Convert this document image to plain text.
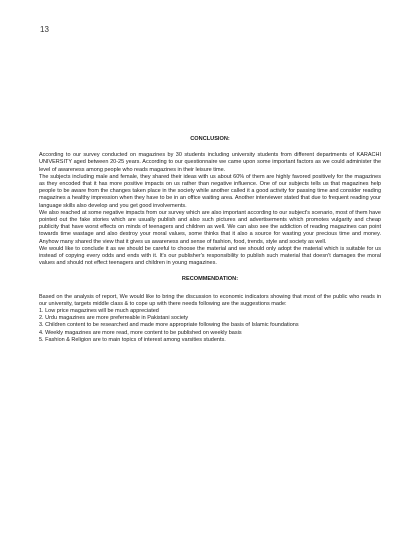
13
CONCLUSION:

According to our survey conducted on magazines by 30 students including university students from different departments of KARACHI UNIVERSITY aged between 20-25 years. According to our questionnaire we came upon some important factors as we could administer the level of awareness among people who reads magazines in their leisure time.

The subjects including male and female, they shared their ideas with us about 60% of them are highly favored positively for the magazines as they encoded that it has more positive impacts on us rather than negative influence. One of our subjects tells us that magazines help people to be aware from the changes taken place in the society while another called it a good activity for passing time and consider reading magazines a healthy impression when they have to be in an office waiting area. Another interviewer stated that due to frequent reading your language skills also develop and you get good involvements.

We also reached at some negative impacts from our survey which are also important according to our subject's scenario, most of them have pointed out the fake stories which are usually publish and also such pictures and advertisements which promotes vulgarity and cheap publicity that have worst effects on minds of teenagers and children as well. We can also see the addiction of reading magazines can point towards time wastage and also destroy your moral values, some thinks that it also a source for wasting your precious time and money. Anyhow many shared the view that it gives us awareness and sense of fashion, food, trends, style and society as well.

We would like to conclude it as we should be careful to choose the material and we should only adopt the material which is suitable for us instead of copying every odds and ends with it. It's our publisher's responsibility to publish such material that doesn't damages the moral values and should not effect teenagers and children in young magazines.

RECOMMENDATION:

Based on the analysis of report, We would like to bring the discussion to economic indicators showing that most of the public who reads in our university, targets middle class & to cope up with there needs following are the suggestions made:

1. Low price magazines will be much appreciated
2. Urdu magazines are more preferreable in Pakistani society
3. Children content to be researched and made more appropriate following the basis of Islamic foundations
4. Weekly magazines are more read, more content to be published on weekly basis
5. Fashion & Religion are to main topics of interest among varsities students.
